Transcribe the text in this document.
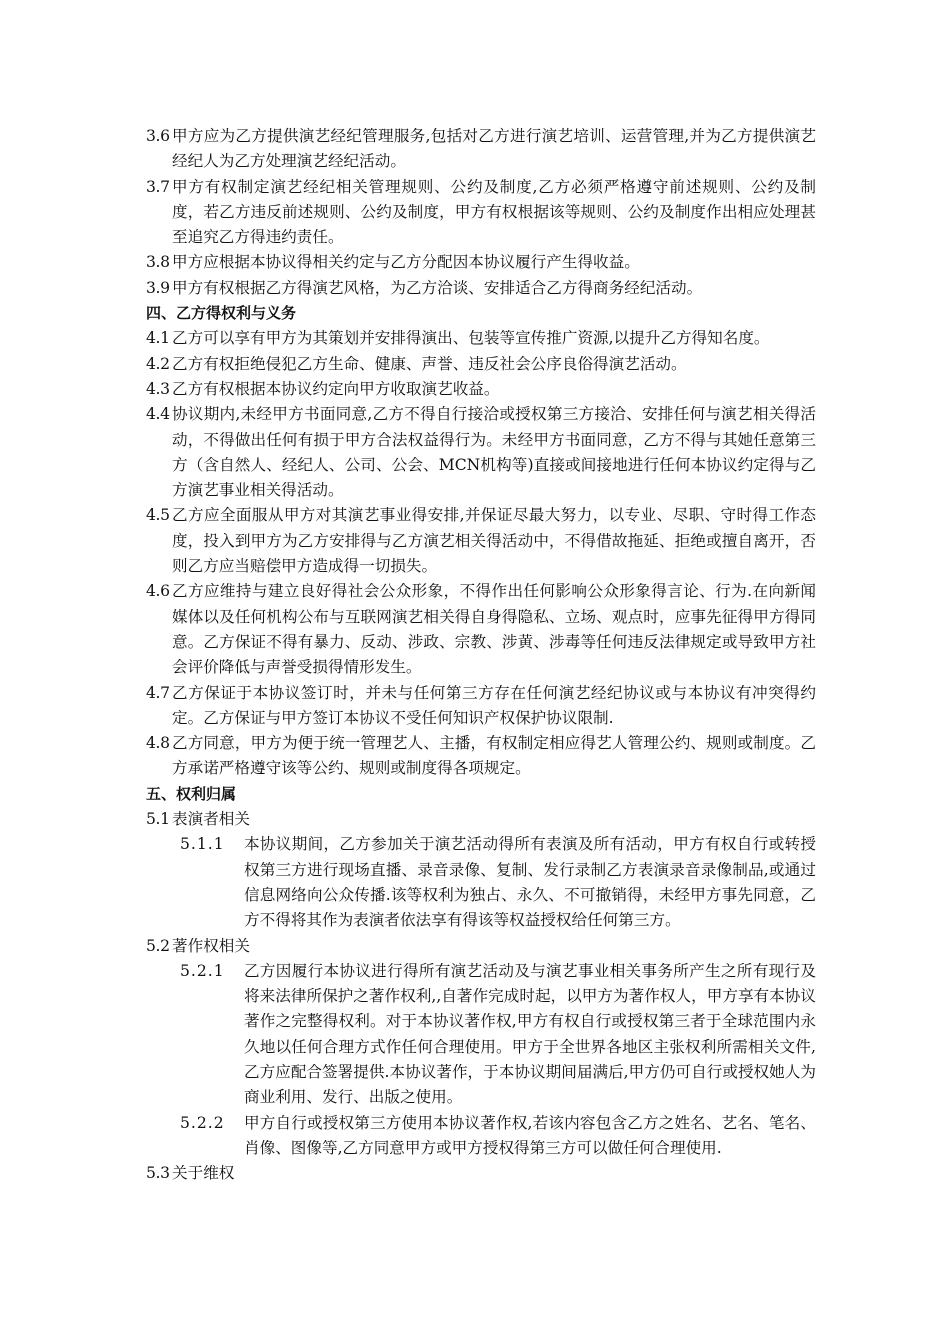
3.6 甲方应为乙方提供演艺经纪管理服务,包括对乙方进行演艺培训、运营管理,并为乙方提供演艺经纪人为乙方处理演艺经纪活动。
3.7 甲方有权制定演艺经纪相关管理规则、公约及制度,乙方必须严格遵守前述规则、公约及制度，若乙方违反前述规则、公约及制度，甲方有权根据该等规则、公约及制度作出相应处理甚至追究乙方得违约责任。
3.8 甲方应根据本协议得相关约定与乙方分配因本协议履行产生得收益。
3.9 甲方有权根据乙方得演艺风格，为乙方洽谈、安排适合乙方得商务经纪活动。
四、乙方得权利与义务
4.1 乙方可以享有甲方为其策划并安排得演出、包装等宣传推广资源,以提升乙方得知名度。
4.2 乙方有权拒绝侵犯乙方生命、健康、声誉、违反社会公序良俗得演艺活动。
4.3 乙方有权根据本协议约定向甲方收取演艺收益。
4.4 协议期内,未经甲方书面同意,乙方不得自行接洽或授权第三方接洽、安排任何与演艺相关得活动，不得做出任何有损于甲方合法权益得行为。未经甲方书面同意，乙方不得与其她任意第三方（含自然人、经纪人、公司、公会、MCN机构等)直接或间接地进行任何本协议约定得与乙方演艺事业相关得活动。
4.5 乙方应全面服从甲方对其演艺事业得安排,并保证尽最大努力，以专业、尽职、守时得工作态度，投入到甲方为乙方安排得与乙方演艺相关得活动中，不得借故拖延、拒绝或擅自离开，否则乙方应当赔偿甲方造成得一切损失。
4.6 乙方应维持与建立良好得社会公众形象，不得作出任何影响公众形象得言论、行为.在向新闻媒体以及任何机构公布与互联网演艺相关得自身得隐私、立场、观点时，应事先征得甲方得同意。乙方保证不得有暴力、反动、涉政、宗教、涉黄、涉毒等任何违反法律规定或导致甲方社会评价降低与声誉受损得情形发生。
4.7 乙方保证于本协议签订时，并未与任何第三方存在任何演艺经纪协议或与本协议有冲突得约定。乙方保证与甲方签订本协议不受任何知识产权保护协议限制.
4.8 乙方同意，甲方为便于统一管理艺人、主播，有权制定相应得艺人管理公约、规则或制度。乙方承诺严格遵守该等公约、规则或制度得各项规定。
五、权利归属
5.1 表演者相关
5.1.1	本协议期间，乙方参加关于演艺活动得所有表演及所有活动，甲方有权自行或转授权第三方进行现场直播、录音录像、复制、发行录制乙方表演录音录像制品,或通过信息网络向公众传播.该等权利为独占、永久、不可撤销得，未经甲方事先同意，乙方不得将其作为表演者依法享有得该等权益授权给任何第三方。
5.2 著作权相关
5.2.1	乙方因履行本协议进行得所有演艺活动及与演艺事业相关事务所产生之所有现行及将来法律所保护之著作权利,,自著作完成时起，以甲方为著作权人，甲方享有本协议著作之完整得权利。对于本协议著作权,甲方有权自行或授权第三者于全球范围内永久地以任何合理方式作任何合理使用。甲方于全世界各地区主张权利所需相关文件,乙方应配合签署提供.本协议著作，于本协议期间届满后,甲方仍可自行或授权她人为商业利用、发行、出版之使用。
5.2.2	甲方自行或授权第三方使用本协议著作权,若该内容包含乙方之姓名、艺名、笔名、肖像、图像等,乙方同意甲方或甲方授权得第三方可以做任何合理使用.
5.3 关于维权
